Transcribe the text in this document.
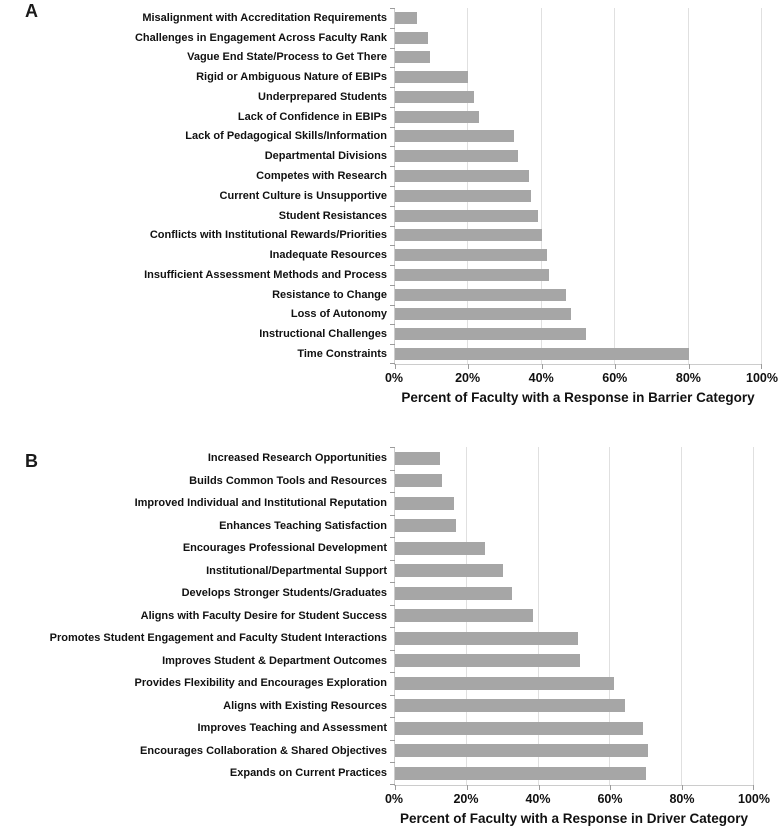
A	Misalignment with Accreditation Requirements
Challenges in Engagement Across Faculty Rank
Vague End State/Process to Get There
Rigid or Ambiguous Nature of EBIPs
Underprepared Students
Lack of Confidence in EBIPs
Lack of Pedagogical Skills/Information
Departmental Divisions
Competes with Research
Current Culture is Unsupportive
Student Resistances
Conflicts with Institutional Rewards/Priorities
Inadequate Resources
Insufficient Assessment Methods and Process
Resistance to Change
Loss of Autonomy
Instructional Challenges
Time Constraints
0%	20%	40%	60%	80%	100%
Percent of Faculty with a Response in Barrier Category
B	Increased Research Opportunities
Builds Common Tools and Resources
Improved Individual and Institutional Reputation
Enhances Teaching Satisfaction
Encourages Professional Development
Institutional/Departmental Support
Develops Stronger Students/Graduates
Aligns with Faculty Desire for Student Success
Promotes Student Engagement and Faculty Student Interactions
Improves Student & Department Outcomes
Provides Flexibility and Encourages Exploration
Aligns with Existing Resources
Improves Teaching and Assessment
Encourages Collaboration & Shared Objectives
Expands on Current Practices
0%	20%	40%	60%	80%	100%
Percent of Faculty with a Response in Driver Category
